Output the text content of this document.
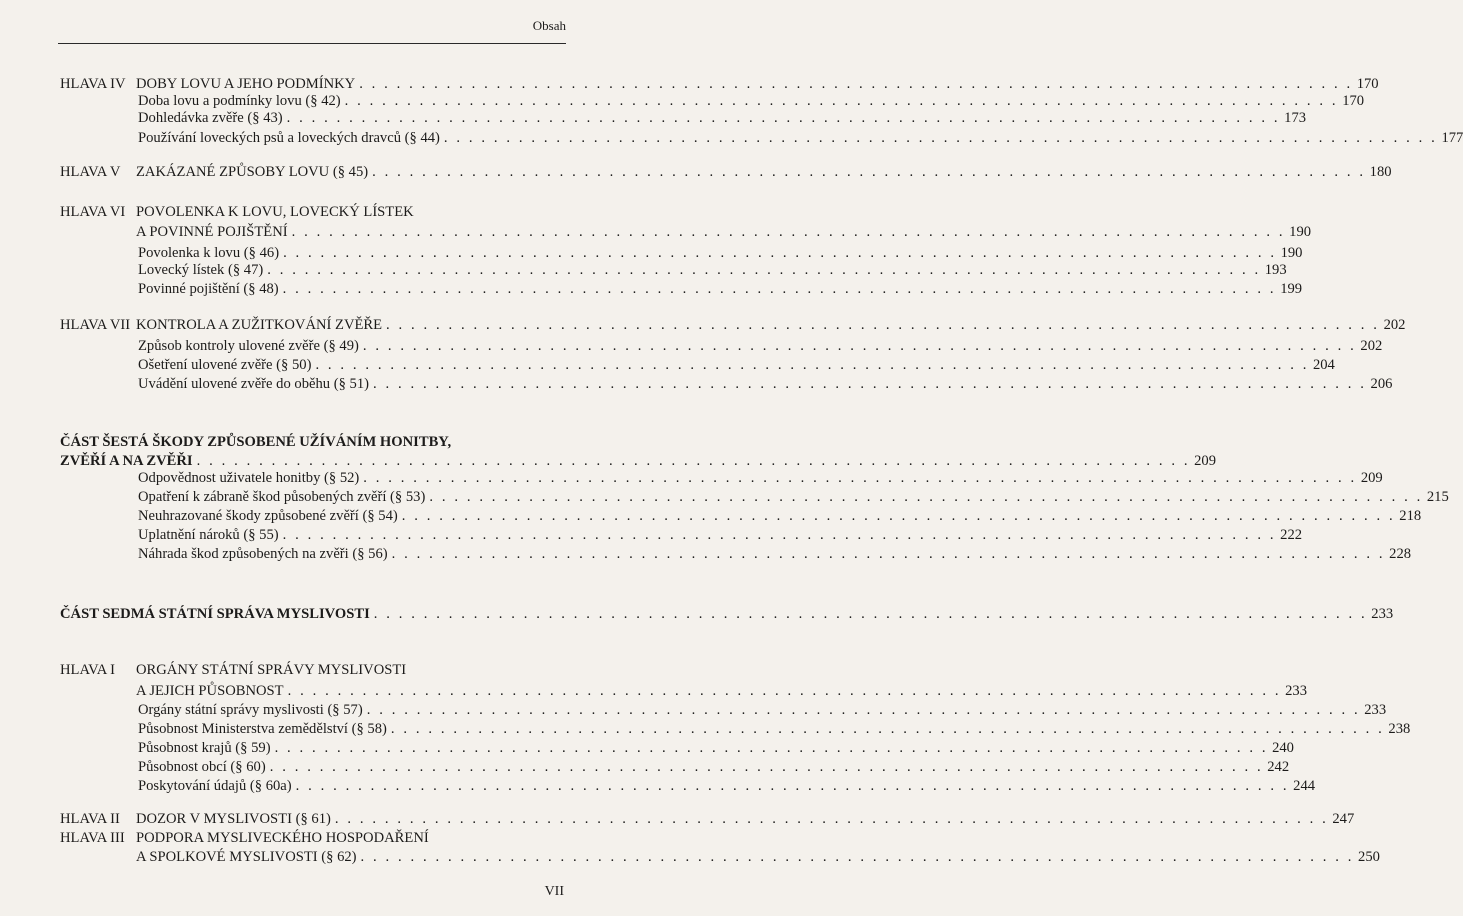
Obsah
HLAVA IV DOBY LOVU A JEHO PODMÍNKY . . . . . . . . . . . . . . . . . . . . . . . . . . . . . . . . . . . . . . . . . . . . . . . . . . . . . . . . . . . . . . . . . . . . . . . . . . . . . . . . 170
Doba lovu a podmínky lovu (§ 42) . . . . . . . . . . . . . . . . . . . . . . . . . . . . . . . . . . . . . . . . . . . . . . . . . . . . . . . . . . . . . . . . . . . . . . . . . . . . . . . . 170
Dohledávka zvěře (§ 43) . . . . . . . . . . . . . . . . . . . . . . . . . . . . . . . . . . . . . . . . . . . . . . . . . . . . . . . . . . . . . . . . . . . . . . . . . . . . . . . . 173
Používání loveckých psů a loveckých dravců (§ 44) . . . . . . . . . . . . . . . . . . . . . . . . . . . . . . . . . . . . . . . . . . . . . . . . . . . . . . . . . . . . . . . . . . . . . . . . . . . . . . . . 177
HLAVA V ZAKÁZANÉ ZPŮSOBY LOVU (§ 45) . . . . . . . . . . . . . . . . . . . . . . . . . . . . . . . . . . . . . . . . . . . . . . . . . . . . . . . . . . . . . . . . . . . . . . . . . . . . . . . . 180
HLAVA VI POVOLENKA K LOVU, LOVECKÝ LÍSTEK
A POVINNÉ POJIŠTĚNÍ . . . . . . . . . . . . . . . . . . . . . . . . . . . . . . . . . . . . . . . . . . . . . . . . . . . . . . . . . . . . . . . . . . . . . . . . . . . . . . . . 190
Povolenka k lovu (§ 46) . . . . . . . . . . . . . . . . . . . . . . . . . . . . . . . . . . . . . . . . . . . . . . . . . . . . . . . . . . . . . . . . . . . . . . . . . . . . . . . . 190
Lovecký lístek (§ 47) . . . . . . . . . . . . . . . . . . . . . . . . . . . . . . . . . . . . . . . . . . . . . . . . . . . . . . . . . . . . . . . . . . . . . . . . . . . . . . . . 193
Povinné pojištění (§ 48) . . . . . . . . . . . . . . . . . . . . . . . . . . . . . . . . . . . . . . . . . . . . . . . . . . . . . . . . . . . . . . . . . . . . . . . . . . . . . . . . 199
HLAVA VII KONTROLA A ZUŽITKOVÁNÍ ZVĚŘE . . . . . . . . . . . . . . . . . . . . . . . . . . . . . . . . . . . . . . . . . . . . . . . . . . . . . . . . . . . . . . . . . . . . . . . . . . . . . . . . 202
Způsob kontroly ulovené zvěře (§ 49) . . . . . . . . . . . . . . . . . . . . . . . . . . . . . . . . . . . . . . . . . . . . . . . . . . . . . . . . . . . . . . . . . . . . . . . . . . . . . . . . 202
Ošetření ulovené zvěře (§ 50) . . . . . . . . . . . . . . . . . . . . . . . . . . . . . . . . . . . . . . . . . . . . . . . . . . . . . . . . . . . . . . . . . . . . . . . . . . . . . . . . 204
Uvádění ulovené zvěře do oběhu (§ 51) . . . . . . . . . . . . . . . . . . . . . . . . . . . . . . . . . . . . . . . . . . . . . . . . . . . . . . . . . . . . . . . . . . . . . . . . . . . . . . . . 206
ČÁST ŠESTÁ ŠKODY ZPŮSOBENÉ UŽÍVÁNÍM HONITBY,
ZVĚŘÍ A NA ZVĚŘI . . . . . . . . . . . . . . . . . . . . . . . . . . . . . . . . . . . . . . . . . . . . . . . . . . . . . . . . . . . . . . . . . . . . . . . . . . . . . . . . 209
Odpovědnost uživatele honitby (§ 52) . . . . . . . . . . . . . . . . . . . . . . . . . . . . . . . . . . . . . . . . . . . . . . . . . . . . . . . . . . . . . . . . . . . . . . . . . . . . . . . . 209
Opatření k zábraně škod působených zvěří (§ 53) . . . . . . . . . . . . . . . . . . . . . . . . . . . . . . . . . . . . . . . . . . . . . . . . . . . . . . . . . . . . . . . . . . . . . . . . . . . . . . . . 215
Neuhrazované škody způsobené zvěří (§ 54) . . . . . . . . . . . . . . . . . . . . . . . . . . . . . . . . . . . . . . . . . . . . . . . . . . . . . . . . . . . . . . . . . . . . . . . . . . . . . . . . 218
Uplatnění nároků (§ 55) . . . . . . . . . . . . . . . . . . . . . . . . . . . . . . . . . . . . . . . . . . . . . . . . . . . . . . . . . . . . . . . . . . . . . . . . . . . . . . . . 222
Náhrada škod způsobených na zvěři (§ 56) . . . . . . . . . . . . . . . . . . . . . . . . . . . . . . . . . . . . . . . . . . . . . . . . . . . . . . . . . . . . . . . . . . . . . . . . . . . . . . . . 228
ČÁST SEDMÁ STÁTNÍ SPRÁVA MYSLIVOSTI . . . . . . . . . . . . . . . . . . . . . . . . . . . . . . . . . . . . . . . . . . . . . . . . . . . . . . . . . . . . . . . . . . . . . . . . . . . . . . . . 233
HLAVA I ORGÁNY STÁTNÍ SPRÁVY MYSLIVOSTI
A JEJICH PŮSOBNOST . . . . . . . . . . . . . . . . . . . . . . . . . . . . . . . . . . . . . . . . . . . . . . . . . . . . . . . . . . . . . . . . . . . . . . . . . . . . . . . . 233
Orgány státní správy myslivosti (§ 57) . . . . . . . . . . . . . . . . . . . . . . . . . . . . . . . . . . . . . . . . . . . . . . . . . . . . . . . . . . . . . . . . . . . . . . . . . . . . . . . . 233
Působnost Ministerstva zemědělství (§ 58) . . . . . . . . . . . . . . . . . . . . . . . . . . . . . . . . . . . . . . . . . . . . . . . . . . . . . . . . . . . . . . . . . . . . . . . . . . . . . . . . 238
Působnost krajů (§ 59) . . . . . . . . . . . . . . . . . . . . . . . . . . . . . . . . . . . . . . . . . . . . . . . . . . . . . . . . . . . . . . . . . . . . . . . . . . . . . . . . 240
Působnost obcí (§ 60) . . . . . . . . . . . . . . . . . . . . . . . . . . . . . . . . . . . . . . . . . . . . . . . . . . . . . . . . . . . . . . . . . . . . . . . . . . . . . . . . 242
Poskytování údajů (§ 60a) . . . . . . . . . . . . . . . . . . . . . . . . . . . . . . . . . . . . . . . . . . . . . . . . . . . . . . . . . . . . . . . . . . . . . . . . . . . . . . . . 244
HLAVA II DOZOR V MYSLIVOSTI (§ 61) . . . . . . . . . . . . . . . . . . . . . . . . . . . . . . . . . . . . . . . . . . . . . . . . . . . . . . . . . . . . . . . . . . . . . . . . . . . . . . . . 247
HLAVA III PODPORA MYSLIVECKÉHO HOSPODAŘENÍ
A SPOLKOVÉ MYSLIVOSTI (§ 62) . . . . . . . . . . . . . . . . . . . . . . . . . . . . . . . . . . . . . . . . . . . . . . . . . . . . . . . . . . . . . . . . . . . . . . . . . . . . . . . . 250
VII
